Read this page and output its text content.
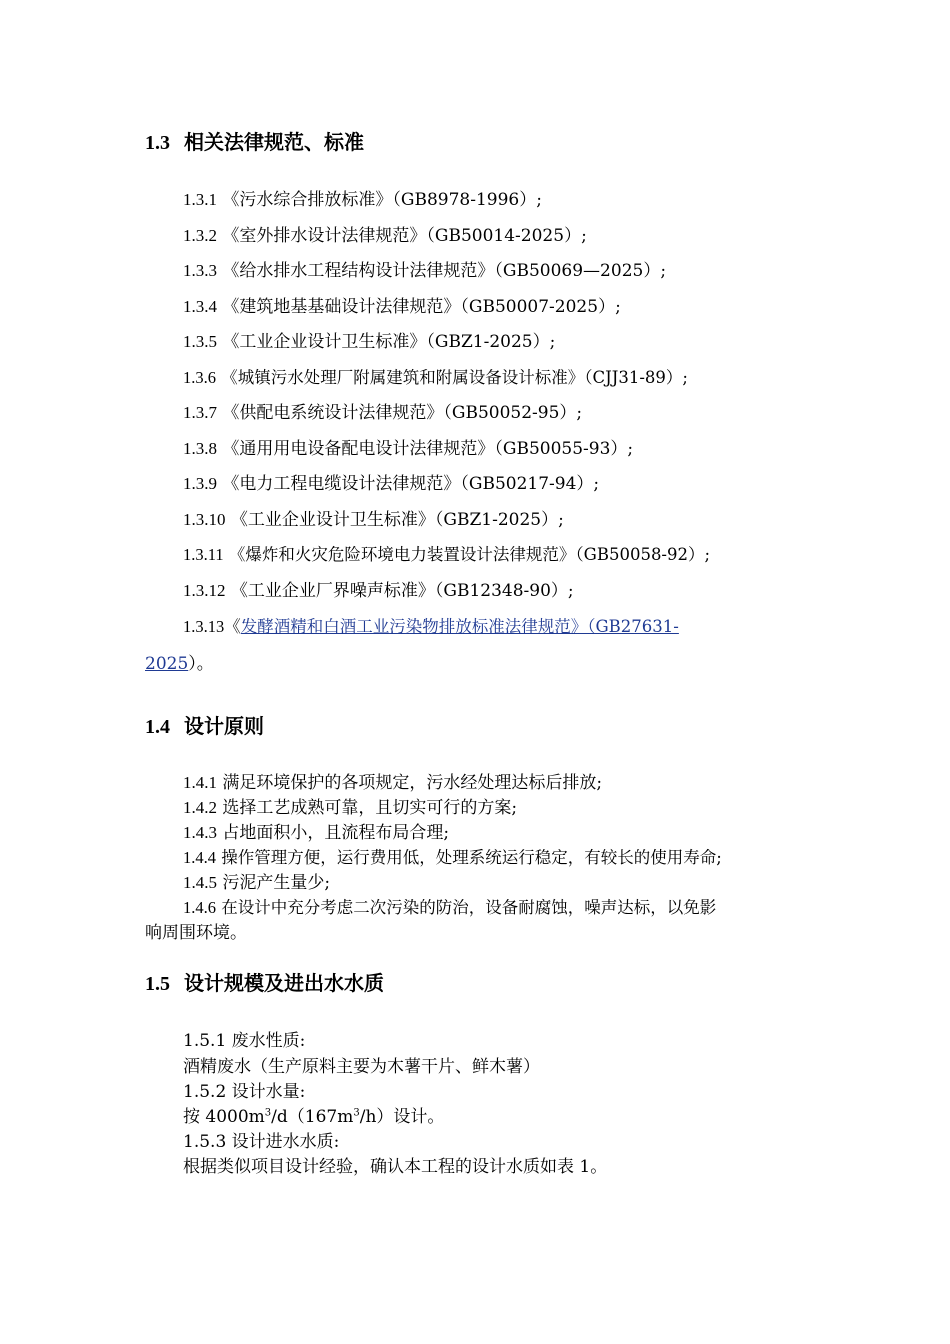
1.3 相关法律规范、标准

1.3.1 《污水综合排放标准》（GB8978-1996）;

1.3.2 《室外排水设计法律规范》（GB50014-2025）;

1.3.3 《给水排水工程结构设计法律规范》（GB50069—2025）;

1.3.4 《建筑地基基础设计法律规范》（GB50007-2025）;

1.3.5 《工业企业设计卫生标准》（GBZ1-2025）;

1.3.6 《城镇污水处理厂附属建筑和附属设备设计标准》（CJJ31-89）;

1.3.7 《供配电系统设计法律规范》（GB50052-95）;

1.3.8 《通用用电设备配电设计法律规范》（GB50055-93）;

1.3.9 《电力工程电缆设计法律规范》（GB50217-94）;

1.3.10 《工业企业设计卫生标准》（GBZ1-2025）;

1.3.11 《爆炸和火灾危险环境电力装置设计法律规范》（GB50058-92）;

1.3.12 《工业企业厂界噪声标准》（GB12348-90）;

1.3.13《发酵酒精和白酒工业污染物排放标准法律规范》（GB27631-

2025）。

1.4 设计原则

1.4.1 满足环境保护的各项规定，污水经处理达标后排放;

1.4.2 选择工艺成熟可靠，且切实可行的方案;

1.4.3 占地面积小，且流程布局合理;

1.4.4 操作管理方便，运行费用低，处理系统运行稳定，有较长的使用寿命;

1.4.5 污泥产生量少;

1.4.6 在设计中充分考虑二次污染的防治，设备耐腐蚀，噪声达标，以免影

响周围环境。

1.5 设计规模及进出水水质

1.5.1 废水性质:

酒精废水（生产原料主要为木薯干片、鲜木薯）

1.5.2 设计水量:

按 $4000m^3/d(167m^3/h)$设计。

1.5.3 设计进水水质:

根据类似项目设计经验，确认本工程的设计水质如表 1。
